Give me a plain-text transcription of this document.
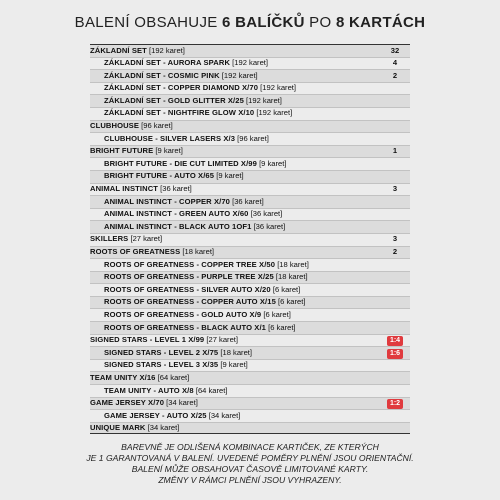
BALENÍ OBSAHUJE 6 BALÍČKŮ PO 8 KARTÁCH
ZÁKLADNÍ SET [192 karet]	32
ZÁKLADNÍ SET - AURORA SPARK [192 karet]	4
ZÁKLADNÍ SET - COSMIC PINK [192 karet]	2
ZÁKLADNÍ SET - COPPER DIAMOND X/70 [192 karet]
ZÁKLADNÍ SET - GOLD GLITTER X/25 [192 karet]
ZÁKLADNÍ SET - NIGHTFIRE GLOW X/10 [192 karet]
CLUBHOUSE [96 karet]
CLUBHOUSE - SILVER LASERS X/3 [96 karet]
BRIGHT FUTURE [9 karet]	1
BRIGHT FUTURE - DIE CUT LIMITED X/99 [9 karet]
BRIGHT FUTURE - AUTO X/65 [9 karet]
ANIMAL INSTINCT [36 karet]	3
ANIMAL INSTINCT - COPPER X/70 [36 karet]
ANIMAL INSTINCT - GREEN AUTO X/60 [36 karet]
ANIMAL INSTINCT - BLACK AUTO 1OF1 [36 karet]
SKILLERS [27 karet]	3
ROOTS OF GREATNESS [18 karet]	2
ROOTS OF GREATNESS - COPPER TREE X/50 [18 karet]
ROOTS OF GREATNESS - PURPLE TREE X/25 [18 karet]
ROOTS OF GREATNESS - SILVER AUTO X/20 [6 karet]
ROOTS OF GREATNESS - COPPER AUTO X/15 [6 karet]
ROOTS OF GREATNESS - GOLD AUTO X/9 [6 karet]
ROOTS OF GREATNESS - BLACK AUTO X/1 [6 karet]
SIGNED STARS - LEVEL 1 X/99 [27 karet]	1:4
SIGNED STARS - LEVEL 2 X/75 [18 karet]	1:6
SIGNED STARS - LEVEL 3 X/35 [9 karet]
TEAM UNITY X/16 [64 karet]
TEAM UNITY - AUTO X/8 [64 karet]
GAME JERSEY X/70 [34 karet]	1:2
GAME JERSEY - AUTO X/25 [34 karet]
UNIQUE MARK [34 karet]
BAREVNĚ JE ODLIŠENÁ KOMBINACE KARTIČEK, ZE KTERÝCH
JE 1 GARANTOVANÁ V BALENÍ. UVEDENÉ POMĚRY PLNĚNÍ JSOU ORIENTAČNÍ.
BALENÍ MŮŽE OBSAHOVAT ČASOVĚ LIMITOVANÉ KARTY.
ZMĚNY V RÁMCI PLNĚNÍ JSOU VYHRAZENY.
